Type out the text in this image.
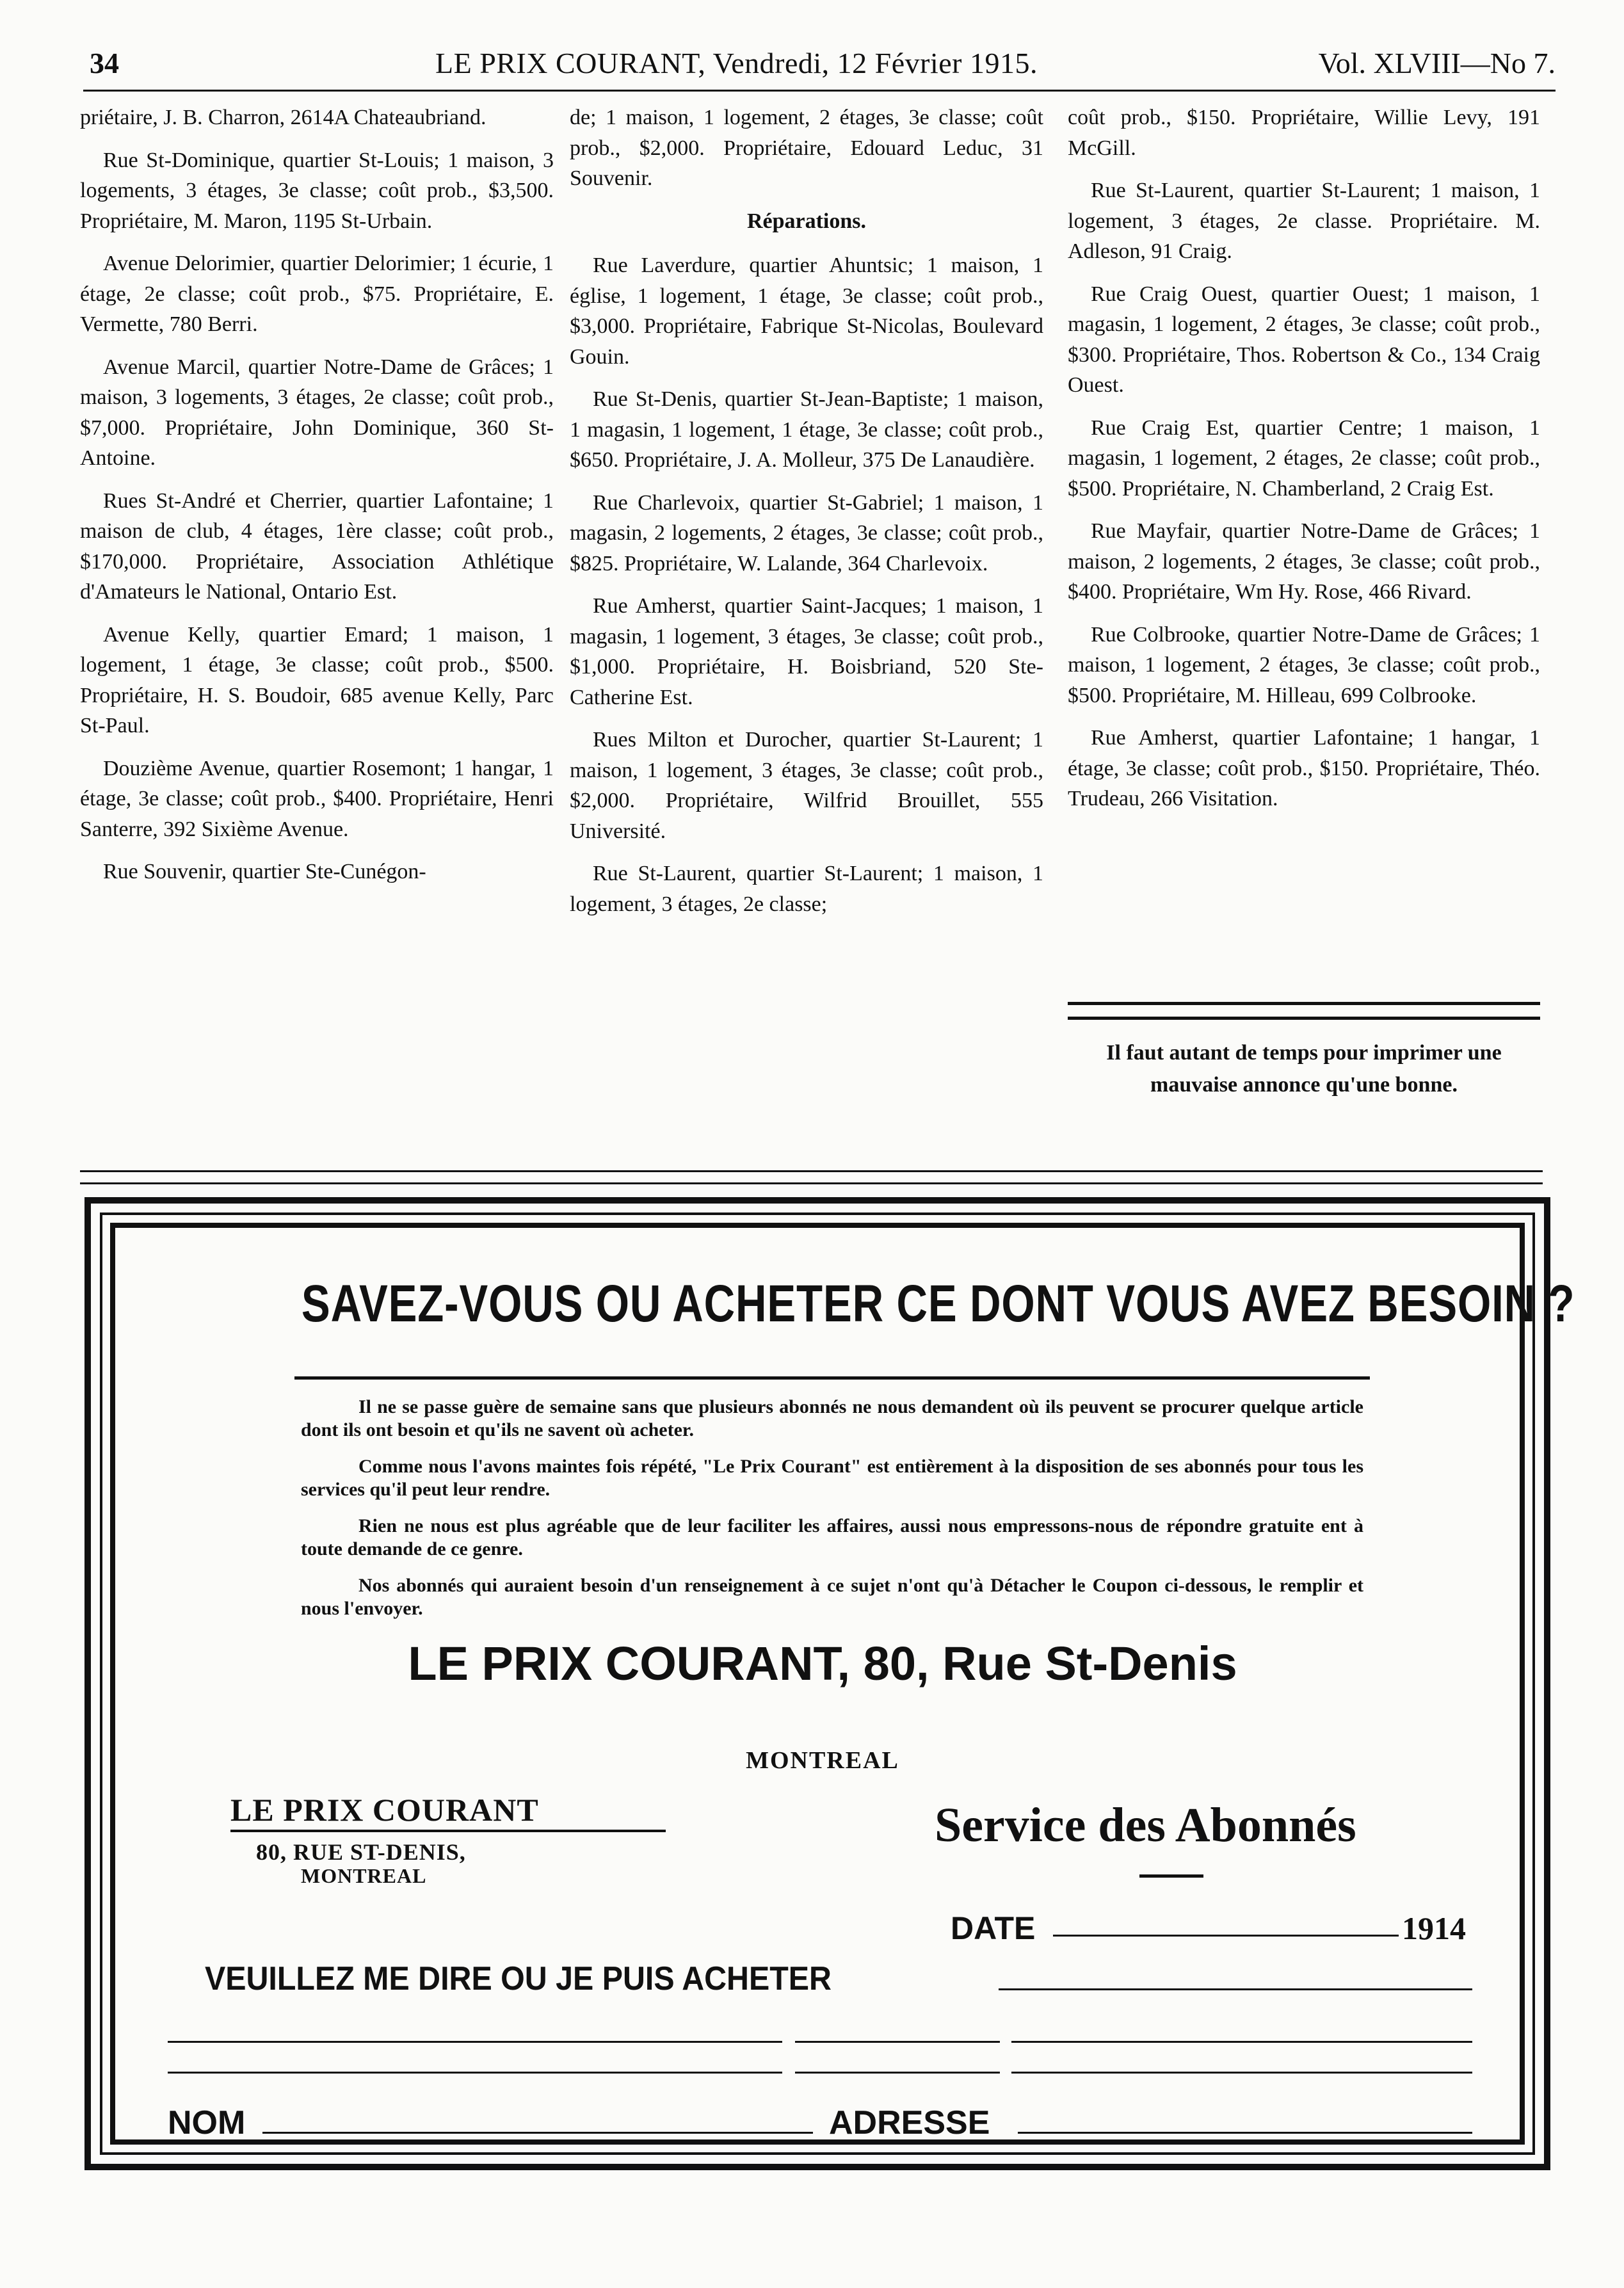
34	LE PRIX COURANT, Vendredi, 12 Février 1915.	Vol. XLVIII—No 7.

priétaire, J. B. Charron, 2614A Chateaubriand.

Rue St-Dominique, quartier St-Louis; 1 maison, 3 logements, 3 étages, 3e classe; coût prob., $3,500. Propriétaire, M. Maron, 1195 St-Urbain.

Avenue Delorimier, quartier Delorimier; 1 écurie, 1 étage, 2e classe; coût prob., $75. Propriétaire, E. Vermette, 780 Berri.

Avenue Marcil, quartier Notre-Dame de Grâces; 1 maison, 3 logements, 3 étages, 2e classe; coût prob., $7,000. Propriétaire, John Dominique, 360 St-Antoine.

Rues St-André et Cherrier, quartier Lafontaine; 1 maison de club, 4 étages, 1ère classe; coût prob., $170,000. Propriétaire, Association Athlétique d'Amateurs le National, Ontario Est.

Avenue Kelly, quartier Emard; 1 maison, 1 logement, 1 étage, 3e classe; coût prob., $500. Propriétaire, H. S. Boudoir, 685 avenue Kelly, Parc St-Paul.

Douzième Avenue, quartier Rosemont; 1 hangar, 1 étage, 3e classe; coût prob., $400. Propriétaire, Henri Santerre, 392 Sixième Avenue.

Rue Souvenir, quartier Ste-Cunégon-

de; 1 maison, 1 logement, 2 étages, 3e classe; coût prob., $2,000. Propriétaire, Edouard Leduc, 31 Souvenir.

Réparations.

Rue Laverdure, quartier Ahuntsic; 1 maison, 1 église, 1 logement, 1 étage, 3e classe; coût prob., $3,000. Propriétaire, Fabrique St-Nicolas, Boulevard Gouin.

Rue St-Denis, quartier St-Jean-Baptiste; 1 maison, 1 magasin, 1 logement, 1 étage, 3e classe; coût prob., $650. Propriétaire, J. A. Molleur, 375 De Lanaudière.

Rue Charlevoix, quartier St-Gabriel; 1 maison, 1 magasin, 2 logements, 2 étages, 3e classe; coût prob., $825. Propriétaire, W. Lalande, 364 Charlevoix.

Rue Amherst, quartier Saint-Jacques; 1 maison, 1 magasin, 1 logement, 3 étages, 3e classe; coût prob., $1,000. Propriétaire, H. Boisbriand, 520 Ste-Catherine Est.

Rues Milton et Durocher, quartier St-Laurent; 1 maison, 1 logement, 3 étages, 3e classe; coût prob., $2,000. Propriétaire, Wilfrid Brouillet, 555 Université.

Rue St-Laurent, quartier St-Laurent; 1 maison, 1 logement, 3 étages, 2e classe;

coût prob., $150. Propriétaire, Willie Levy, 191 McGill.

Rue St-Laurent, quartier St-Laurent; 1 maison, 1 logement, 3 étages, 2e classe. Propriétaire. M. Adleson, 91 Craig.

Rue Craig Ouest, quartier Ouest; 1 maison, 1 magasin, 1 logement, 2 étages, 3e classe; coût prob., $300. Propriétaire, Thos. Robertson & Co., 134 Craig Ouest.

Rue Craig Est, quartier Centre; 1 maison, 1 magasin, 1 logement, 2 étages, 2e classe; coût prob., $500. Propriétaire, N. Chamberland, 2 Craig Est.

Rue Mayfair, quartier Notre-Dame de Grâces; 1 maison, 2 logements, 2 étages, 3e classe; coût prob., $400. Propriétaire, Wm Hy. Rose, 466 Rivard.

Rue Colbrooke, quartier Notre-Dame de Grâces; 1 maison, 1 logement, 2 étages, 3e classe; coût prob., $500. Propriétaire, M. Hilleau, 699 Colbrooke.

Rue Amherst, quartier Lafontaine; 1 hangar, 1 étage, 3e classe; coût prob., $150. Propriétaire, Théo. Trudeau, 266 Visitation.

Il faut autant de temps pour imprimer une mauvaise annonce qu'une bonne.
SAVEZ-VOUS OU ACHETER CE DONT VOUS AVEZ BESOIN ?
Il ne se passe guère de semaine sans que plusieurs abonnés ne nous demandent où ils peuvent se procurer quelque article dont ils ont besoin et qu'ils ne savent où acheter.
Comme nous l'avons maintes fois répété, "Le Prix Courant" est entièrement à la disposition de ses abonnés pour tous les services qu'il peut leur rendre.
Rien ne nous est plus agréable que de leur faciliter les affaires, aussi nous empressons-nous de répondre gratuite ent à toute demande de ce genre.
Nos abonnés qui auraient besoin d'un renseignement à ce sujet n'ont qu'à Détacher le Coupon ci-dessous, le remplir et nous l'envoyer.
LE PRIX COURANT, 80, Rue St-Denis
MONTREAL
LE PRIX COURANT
80, RUE ST-DENIS,
MONTREAL
Service des Abonnés
DATE	1914
VEUILLEZ ME DIRE OU JE PUIS ACHETER
NOM	ADRESSE
